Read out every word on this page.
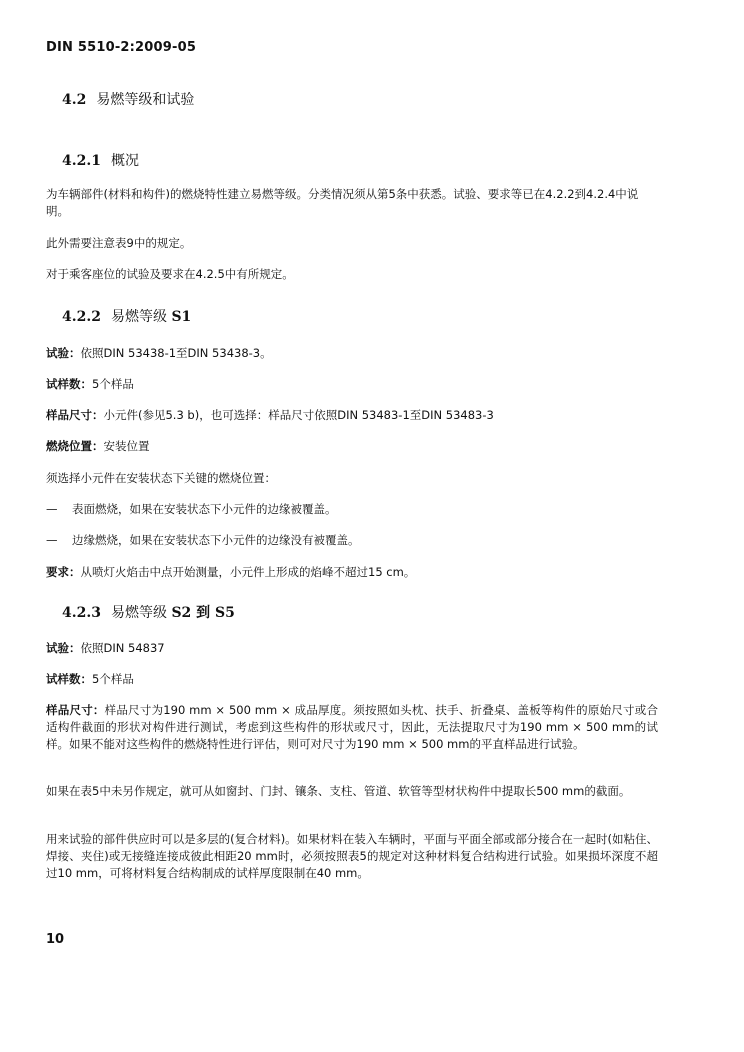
DIN 5510-2:2009-05
4.2 易燃等级和试验
4.2.1 概况
为车辆部件(材料和构件)的燃烧特性建立易燃等级。分类情况须从第5条中获悉。试验、要求等已在4.2.2到4.2.4中说明。
此外需要注意表9中的规定。
对于乘客座位的试验及要求在4.2.5中有所规定。
4.2.2 易燃等级 S1
试验：依照DIN 53438-1至DIN 53438-3。
试样数：5个样品
样品尺寸：小元件(参见5.3 b)，也可选择：样品尺寸依照DIN 53483-1至DIN 53483-3
燃烧位置：安装位置
须选择小元件在安装状态下关键的燃烧位置：
— 表面燃烧，如果在安装状态下小元件的边缘被覆盖。
— 边缘燃烧，如果在安装状态下小元件的边缘没有被覆盖。
要求：从喷灯火焰击中点开始测量，小元件上形成的焰峰不超过15 cm。
4.2.3 易燃等级 S2 到 S5
试验：依照DIN 54837
试样数：5个样品
样品尺寸：样品尺寸为190 mm × 500 mm × 成品厚度。须按照如头枕、扶手、折叠桌、盖板等构件的原始尺寸或合适构件截面的形状对构件进行测试，考虑到这些构件的形状或尺寸，因此，无法提取尺寸为190 mm × 500 mm的试样。如果不能对这些构件的燃烧特性进行评估，则可对尺寸为190 mm × 500 mm的平直样品进行试验。
如果在表5中未另作规定，就可从如窗封、门封、镶条、支柱、管道、软管等型材状构件中提取长500 mm的截面。
用来试验的部件供应时可以是多层的(复合材料)。如果材料在装入车辆时，平面与平面全部或部分接合在一起时(如粘住、焊接、夹住)或无接缝连接成彼此相距20 mm时，必须按照表5的规定对这种材料复合结构进行试验。如果损坏深度不超过10 mm，可将材料复合结构制成的试样厚度限制在40 mm。
10
